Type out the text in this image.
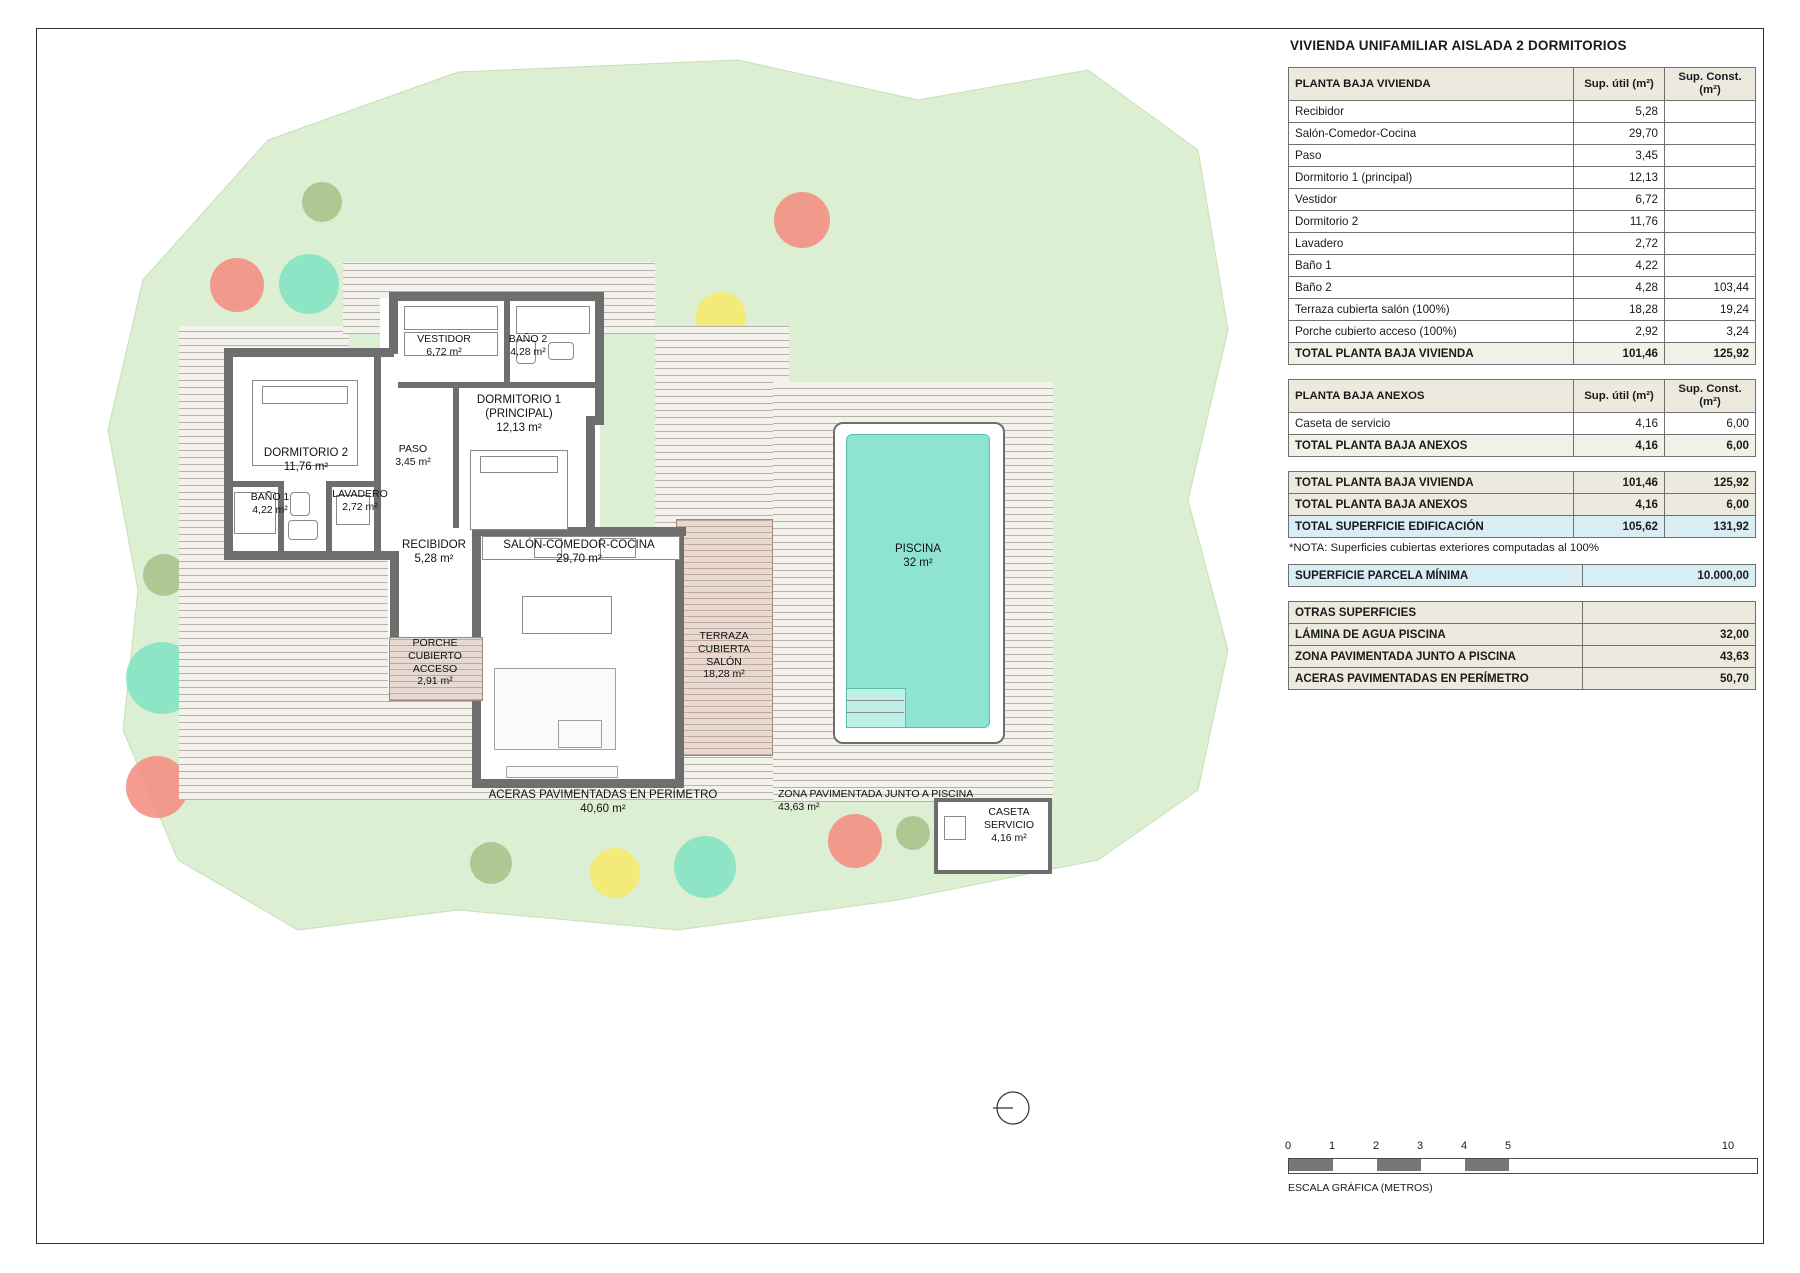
DORMITORIO 2
11,76 m²
BAÑO 1
4,22 m²
LAVADERO
2,72 m²
VESTIDOR
6,72 m²
BAÑO 2
4,28 m²
PASO
3,45 m²
DORMITORIO 1
(PRINCIPAL)
12,13 m²
RECIBIDOR
5,28 m²
SALÓN-COMEDOR-COCINA
29,70 m²
PORCHE
CUBIERTO
ACCESO
2,91 m²
TERRAZA
CUBIERTA
SALÓN
18,28 m²
PISCINA
32 m²
ZONA PAVIMENTADA JUNTO A PISCINA
43,63 m²
ACERAS PAVIMENTADAS EN PERÍMETRO
40,60 m²	CASETA
SERVICIO
4,16 m²
VIVIENDA UNIFAMILIAR AISLADA 2 DORMITORIOS
PLANTA BAJA VIVIENDA	Sup. útil (m²)	Sup. Const. (m²)
Recibidor	5,28	
Salón-Comedor-Cocina	29,70	
Paso	3,45	
Dormitorio 1 (principal)	12,13	
Vestidor	6,72	
Dormitorio 2	11,76	
Lavadero	2,72	
Baño 1	4,22	
Baño 2	4,28	103,44
Terraza cubierta salón (100%)	18,28	19,24
Porche cubierto acceso (100%)	2,92	3,24
TOTAL PLANTA BAJA VIVIENDA	101,46	125,92
PLANTA BAJA ANEXOS	Sup. útil (m²)	Sup. Const. (m²)
Caseta de servicio	4,16	6,00
TOTAL PLANTA BAJA ANEXOS	4,16	6,00
TOTAL PLANTA BAJA VIVIENDA	101,46	125,92
TOTAL PLANTA BAJA ANEXOS	4,16	6,00
TOTAL SUPERFICIE EDIFICACIÓN	105,62	131,92
*NOTA: Superficies cubiertas exteriores computadas al 100%
SUPERFICIE PARCELA MÍNIMA	10.000,00
OTRAS SUPERFICIES	
LÁMINA DE AGUA PISCINA	32,00
ZONA PAVIMENTADA JUNTO A PISCINA	43,63
ACERAS PAVIMENTADAS EN PERÍMETRO	50,70
0	1	2	3	4	5	10
ESCALA GRÁFICA (METROS)
